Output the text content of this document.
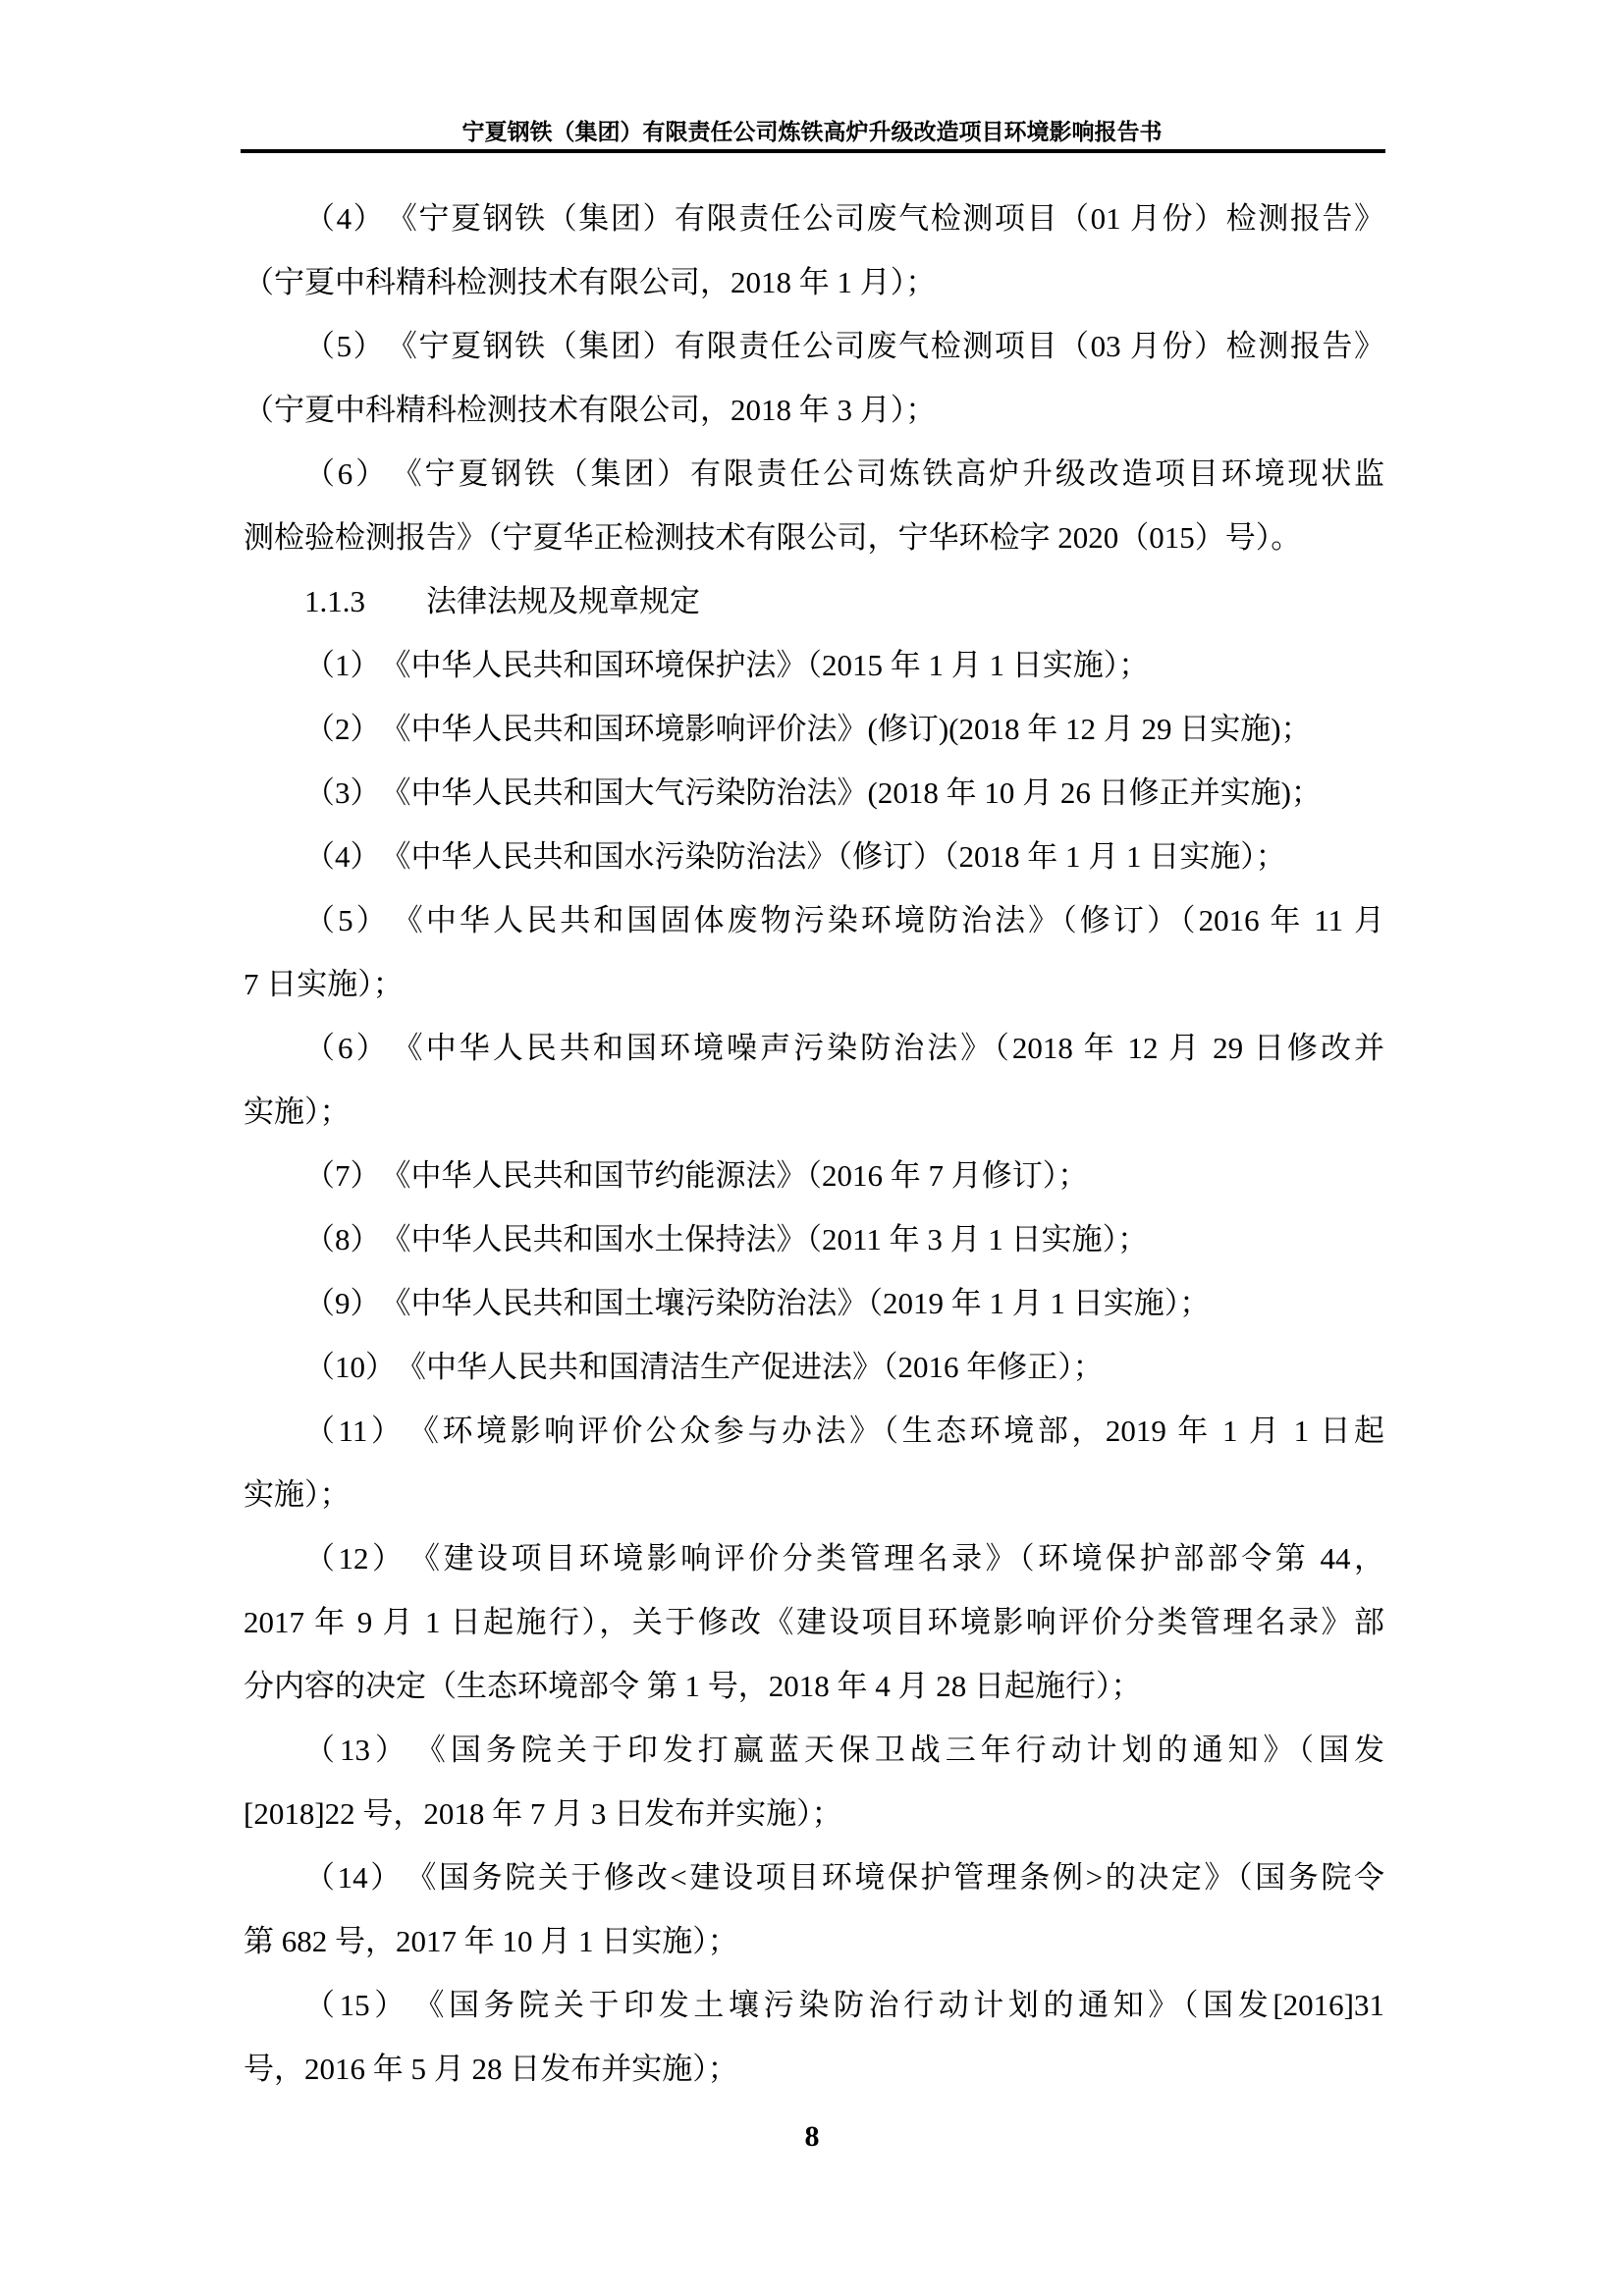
宁夏钢铁（集团）有限责任公司炼铁高炉升级改造项目环境影响报告书
（4）　《宁夏钢铁（集团）有限责任公司废气检测项目（01 月份）检测报告》
（宁夏中科精科检测技术有限公司，2018 年 1 月）；
（5）　《宁夏钢铁（集团）有限责任公司废气检测项目（03 月份）检测报告》
（宁夏中科精科检测技术有限公司，2018 年 3 月）；
（6）　《宁夏钢铁（集团）有限责任公司炼铁高炉升级改造项目环境现状监
测检验检测报告》（宁夏华正检测技术有限公司，宁华环检字 2020（015）号）。
1.1.3　　法律法规及规章规定
（1）　《中华人民共和国环境保护法》（2015 年 1 月 1 日实施）；
（2）　《中华人民共和国环境影响评价法》(修订)(2018 年 12 月 29 日实施)；
（3）　《中华人民共和国大气污染防治法》(2018 年 10 月 26 日修正并实施)；
（4）　《中华人民共和国水污染防治法》（修订）（2018 年 1 月 1 日实施）；
（5）　《中华人民共和国固体废物污染环境防治法》（修订）（2016 年 11 月
7 日实施）；
（6）　《中华人民共和国环境噪声污染防治法》（2018 年 12 月 29 日修改并
实施）；
（7）　《中华人民共和国节约能源法》（2016 年 7 月修订）；
（8）　《中华人民共和国水土保持法》（2011 年 3 月 1 日实施）；
（9）　《中华人民共和国土壤污染防治法》（2019 年 1 月 1 日实施）；
（10）　《中华人民共和国清洁生产促进法》（2016 年修正）；
（11）　《环境影响评价公众参与办法》（生态环境部，2019 年 1 月 1 日起
实施）；
（12）　《建设项目环境影响评价分类管理名录》（环境保护部部令第 44，
2017 年 9 月 1 日起施行），关于修改《建设项目环境影响评价分类管理名录》部
分内容的决定（生态环境部令 第 1 号，2018 年 4 月 28 日起施行）；
（13）　《国务院关于印发打赢蓝天保卫战三年行动计划的通知》（国发
[2018]22 号，2018 年 7 月 3 日发布并实施）；
（14）　《国务院关于修改<建设项目环境保护管理条例>的决定》（国务院令
第 682 号，2017 年 10 月 1 日实施）；
（15）　《国务院关于印发土壤污染防治行动计划的通知》（国发[2016]31
号，2016 年 5 月 28 日发布并实施）；
8
